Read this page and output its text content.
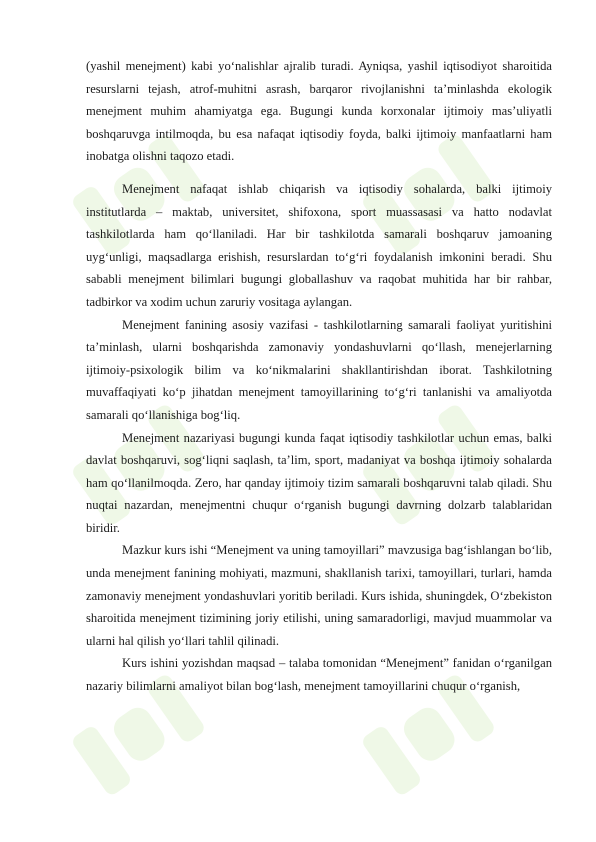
(yashil menejment) kabi yo‘nalishlar ajralib turadi. Ayniqsa, yashil iqtisodiyot sharoitida resurslarni tejash, atrof-muhitni asrash, barqaror rivojlanishni ta’minlashda ekologik menejment muhim ahamiyatga ega. Bugungi kunda korxonalar ijtimoiy mas’uliyatli boshqaruvga intilmoqda, bu esa nafaqat iqtisodiy foyda, balki ijtimoiy manfaatlarni ham inobatga olishni taqozo etadi.

Menejment nafaqat ishlab chiqarish va iqtisodiy sohalarda, balki ijtimoiy institutlarda – maktab, universitet, shifoxona, sport muassasasi va hatto nodavlat tashkilotlarda ham qo‘llaniladi. Har bir tashkilotda samarali boshqaruv jamoaning uyg‘unligi, maqsadlarga erishish, resurslardan to‘g‘ri foydalanish imkonini beradi. Shu sababli menejment bilimlari bugungi globallashuv va raqobat muhitida har bir rahbar, tadbirkor va xodim uchun zaruriy vositaga aylangan.

Menejment fanining asosiy vazifasi - tashkilotlarning samarali faoliyat yuritishini ta’minlash, ularni boshqarishda zamonaviy yondashuvlarni qo‘llash, menejerlarning ijtimoiy-psixologik bilim va ko‘nikmalarini shakllantirishdan iborat. Tashkilotning muvaffaqiyati ko‘p jihatdan menejment tamoyillarining to‘g‘ri tanlanishi va amaliyotda samarali qo‘llanishiga bog‘liq.

Menejment nazariyasi bugungi kunda faqat iqtisodiy tashkilotlar uchun emas, balki davlat boshqaruvi, sog‘liqni saqlash, ta’lim, sport, madaniyat va boshqa ijtimoiy sohalarda ham qo‘llanilmoqda. Zero, har qanday ijtimoiy tizim samarali boshqaruvni talab qiladi. Shu nuqtai nazardan, menejmentni chuqur o‘rganish bugungi davrning dolzarb talablaridan biridir.

Mazkur kurs ishi “Menejment va uning tamoyillari” mavzusiga bag‘ishlangan bo‘lib, unda menejment fanining mohiyati, mazmuni, shakllanish tarixi, tamoyillari, turlari, hamda zamonaviy menejment yondashuvlari yoritib beriladi. Kurs ishida, shuningdek, O‘zbekiston sharoitida menejment tizimining joriy etilishi, uning samaradorligi, mavjud muammolar va ularni hal qilish yo‘llari tahlil qilinadi.

Kurs ishini yozishdan maqsad – talaba tomonidan “Menejment” fanidan o‘rganilgan nazariy bilimlarni amaliyot bilan bog‘lash, menejment tamoyillarini chuqur o‘rganish,
